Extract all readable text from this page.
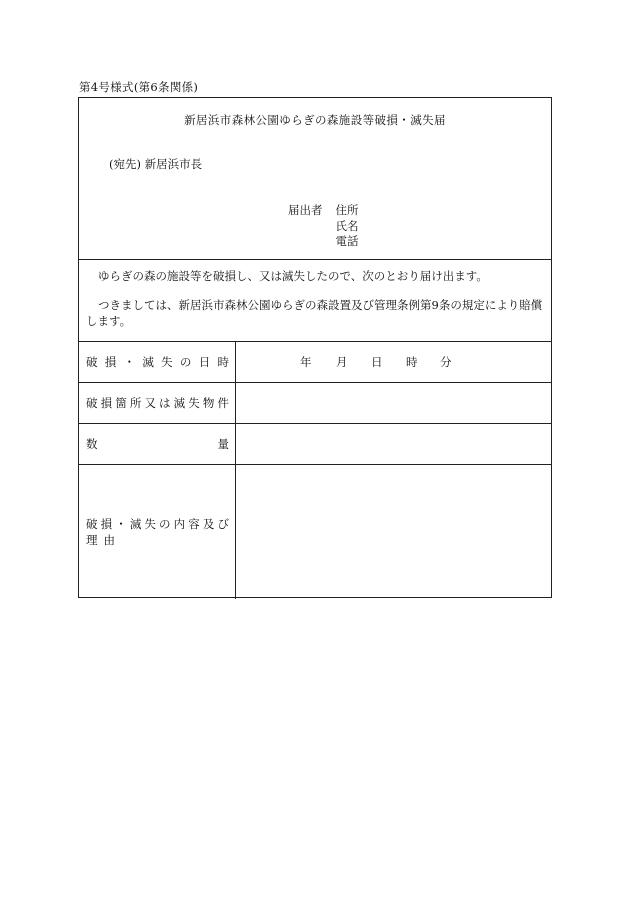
第4号様式(第6条関係)
新居浜市森林公園ゆらぎの森施設等破損・滅失届
(宛先) 新居浜市長
届出者 住所
氏名
電話

ゆらぎの森の施設等を破損し、又は滅失したので、次のとおり届け出ます。

つきましては、新居浜市森林公園ゆらぎの森設置及び管理条例第9条の規定により賠償します。

破 損 ・ 滅 失 の 日 時	年 月 日 時 分
破 損 箇 所 又 は 滅 失 物 件
数	量
破 損 ・ 滅 失 の 内 容 及 び
理由
